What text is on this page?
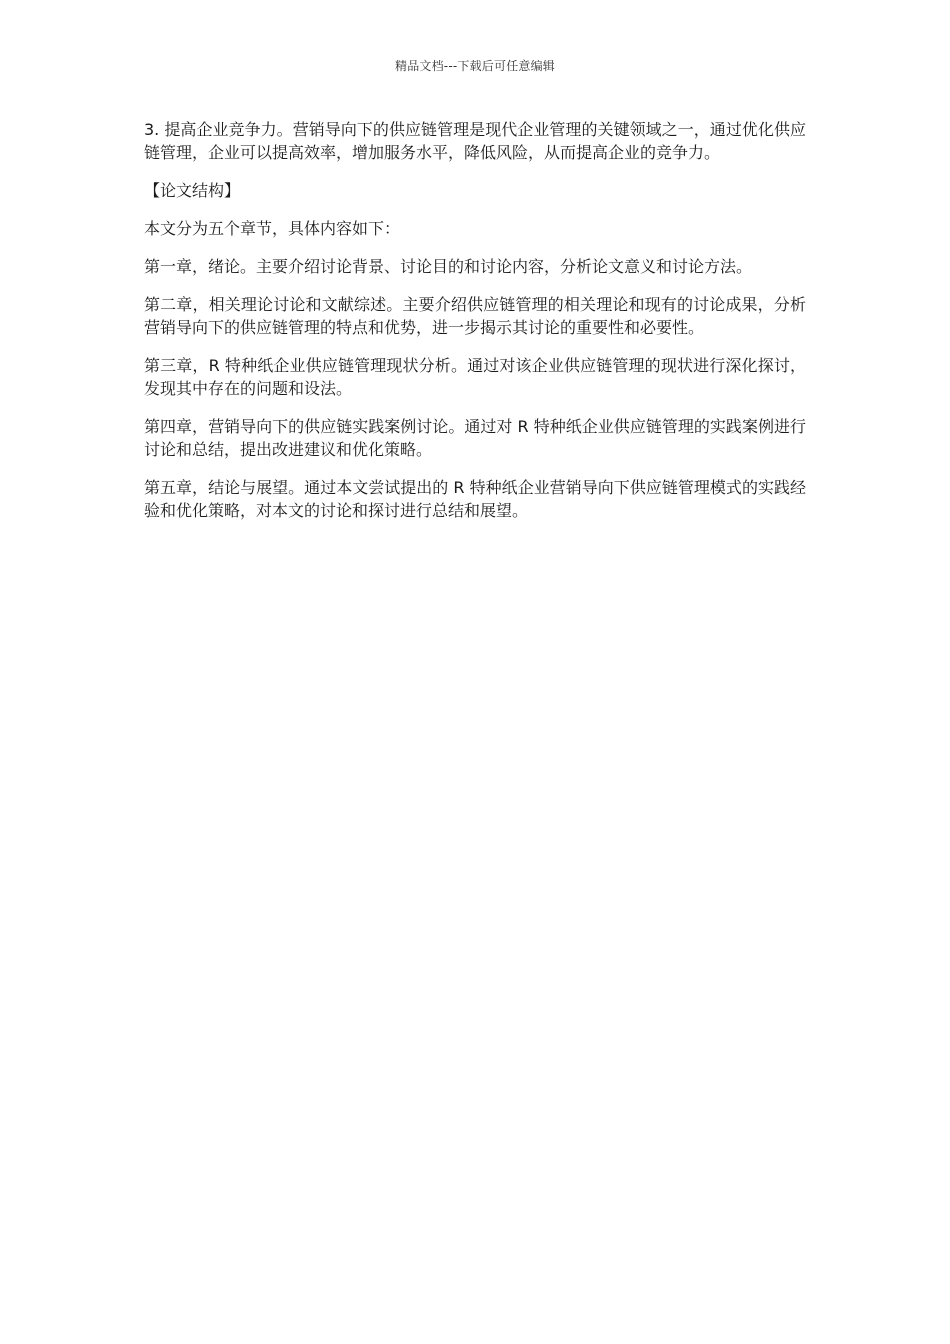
精品文档---下载后可任意编辑

3. 提高企业竞争力。营销导向下的供应链管理是现代企业管理的关键领域之一，通过优化供应链管理，企业可以提高效率，增加服务水平，降低风险，从而提高企业的竞争力。

【论文结构】

本文分为五个章节，具体内容如下：

第一章，绪论。主要介绍讨论背景、讨论目的和讨论内容，分析论文意义和讨论方法。

第二章，相关理论讨论和文献综述。主要介绍供应链管理的相关理论和现有的讨论成果，分析营销导向下的供应链管理的特点和优势，进一步揭示其讨论的重要性和必要性。

第三章，R 特种纸企业供应链管理现状分析。通过对该企业供应链管理的现状进行深化探讨，发现其中存在的问题和设法。

第四章，营销导向下的供应链实践案例讨论。通过对 R 特种纸企业供应链管理的实践案例进行讨论和总结，提出改进建议和优化策略。

第五章，结论与展望。通过本文尝试提出的 R 特种纸企业营销导向下供应链管理模式的实践经验和优化策略，对本文的讨论和探讨进行总结和展望。
